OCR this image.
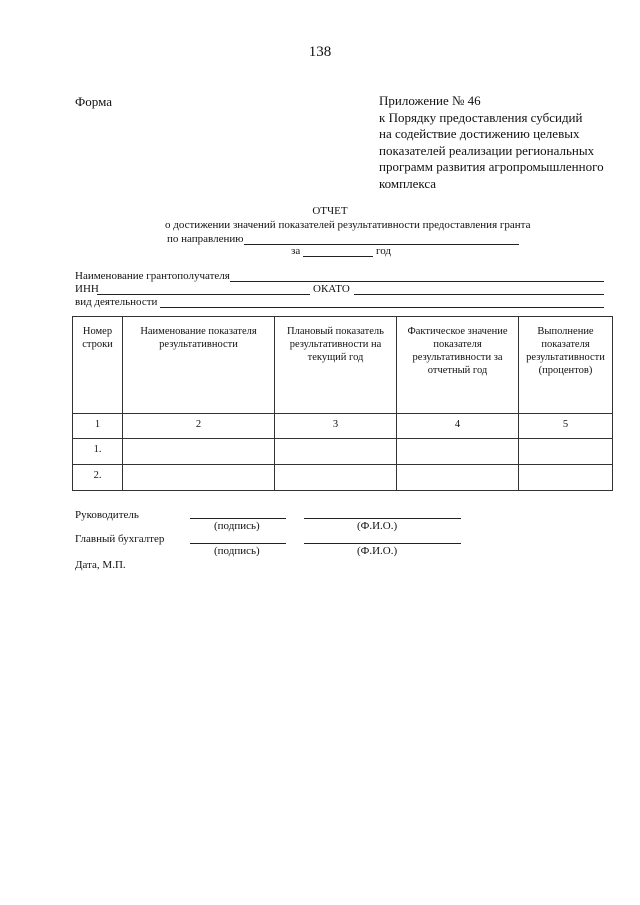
138
Форма	Приложение № 46
к Порядку предоставления субсидий
на содействие достижению целевых
показателей реализации региональных
программ развития агропромышленного
комплекса
ОТЧЕТ
о достижении значений показателей результативности предоставления гранта
по направлению
за	год
Наименование грантополучателя
ИНН	ОКАТО
вид деятельности
Номер строки	Наименование показателя результативности	Плановый показатель результативности на текущий год	Фактическое значение показателя результативности за отчетный год	Выполнение показателя результативности (процентов)
1	2	3	4	5
1.				
2.				
Руководитель
(подпись)	(Ф.И.О.)
Главный бухгалтер
(подпись)	(Ф.И.О.)
Дата, М.П.
